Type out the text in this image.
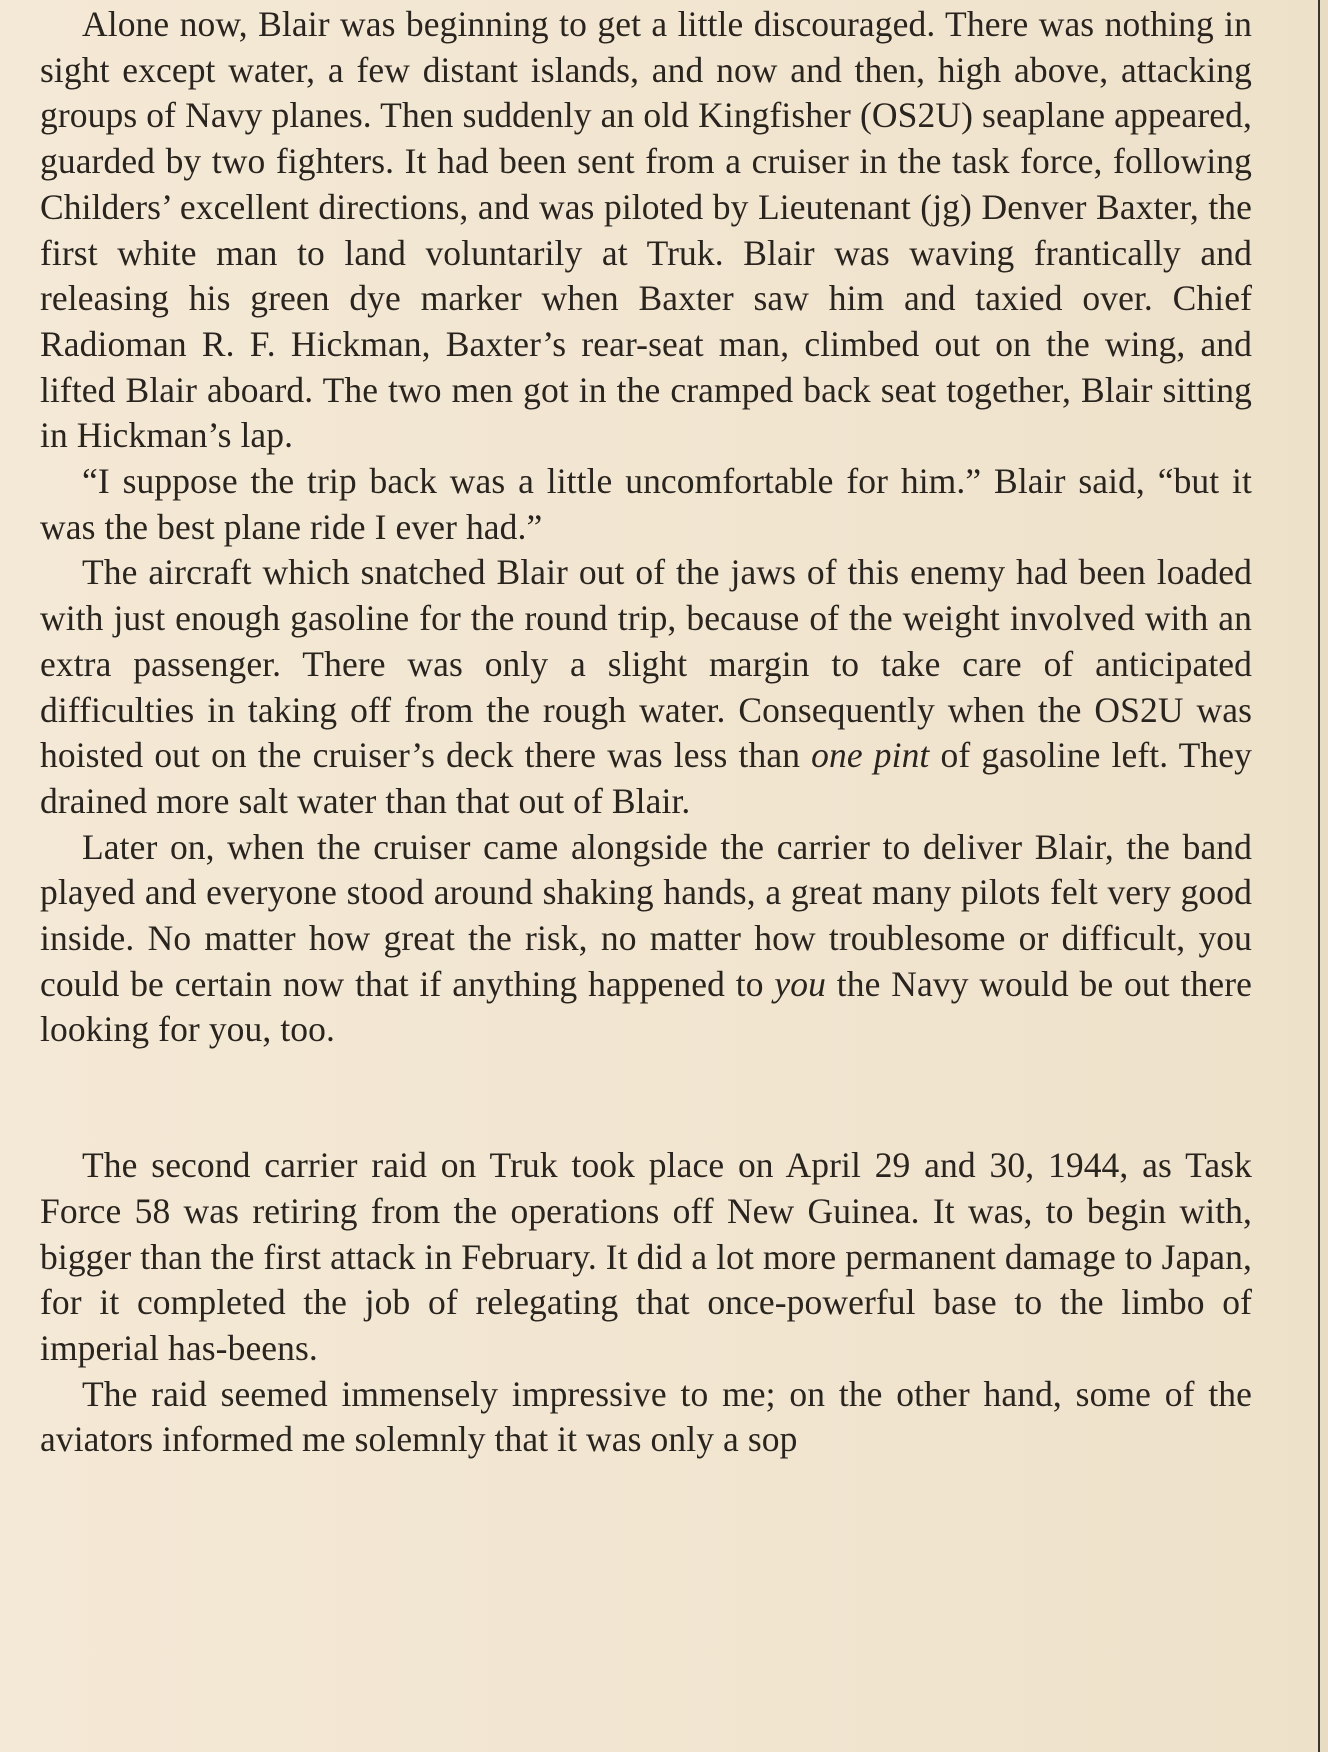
Alone now, Blair was beginning to get a little discouraged. There was nothing in sight except water, a few distant islands, and now and then, high above, attacking groups of Navy planes. Then suddenly an old Kingfisher (OS2U) seaplane appeared, guarded by two fighters. It had been sent from a cruiser in the task force, following Childers’ excellent directions, and was piloted by Lieutenant (jg) Denver Baxter, the first white man to land voluntarily at Truk. Blair was waving frantically and releasing his green dye marker when Baxter saw him and taxied over. Chief Radioman R. F. Hickman, Baxter’s rear-seat man, climbed out on the wing, and lifted Blair aboard. The two men got in the cramped back seat together, Blair sitting in Hickman’s lap.

“I suppose the trip back was a little uncomfortable for him.” Blair said, “but it was the best plane ride I ever had.”

The aircraft which snatched Blair out of the jaws of this enemy had been loaded with just enough gasoline for the round trip, because of the weight involved with an extra passenger. There was only a slight margin to take care of anticipated difficulties in taking off from the rough water. Consequently when the OS2U was hoisted out on the cruiser’s deck there was less than one pint of gasoline left. They drained more salt water than that out of Blair.

Later on, when the cruiser came alongside the carrier to deliver Blair, the band played and everyone stood around shaking hands, a great many pilots felt very good inside. No matter how great the risk, no matter how troublesome or difficult, you could be certain now that if anything happened to you the Navy would be out there looking for you, too.

The second carrier raid on Truk took place on April 29 and 30, 1944, as Task Force 58 was retiring from the operations off New Guinea. It was, to begin with, bigger than the first attack in February. It did a lot more permanent damage to Japan, for it completed the job of relegating that once-powerful base to the limbo of imperial has-beens.

The raid seemed immensely impressive to me; on the other hand, some of the aviators informed me solemnly that it was only a sop
